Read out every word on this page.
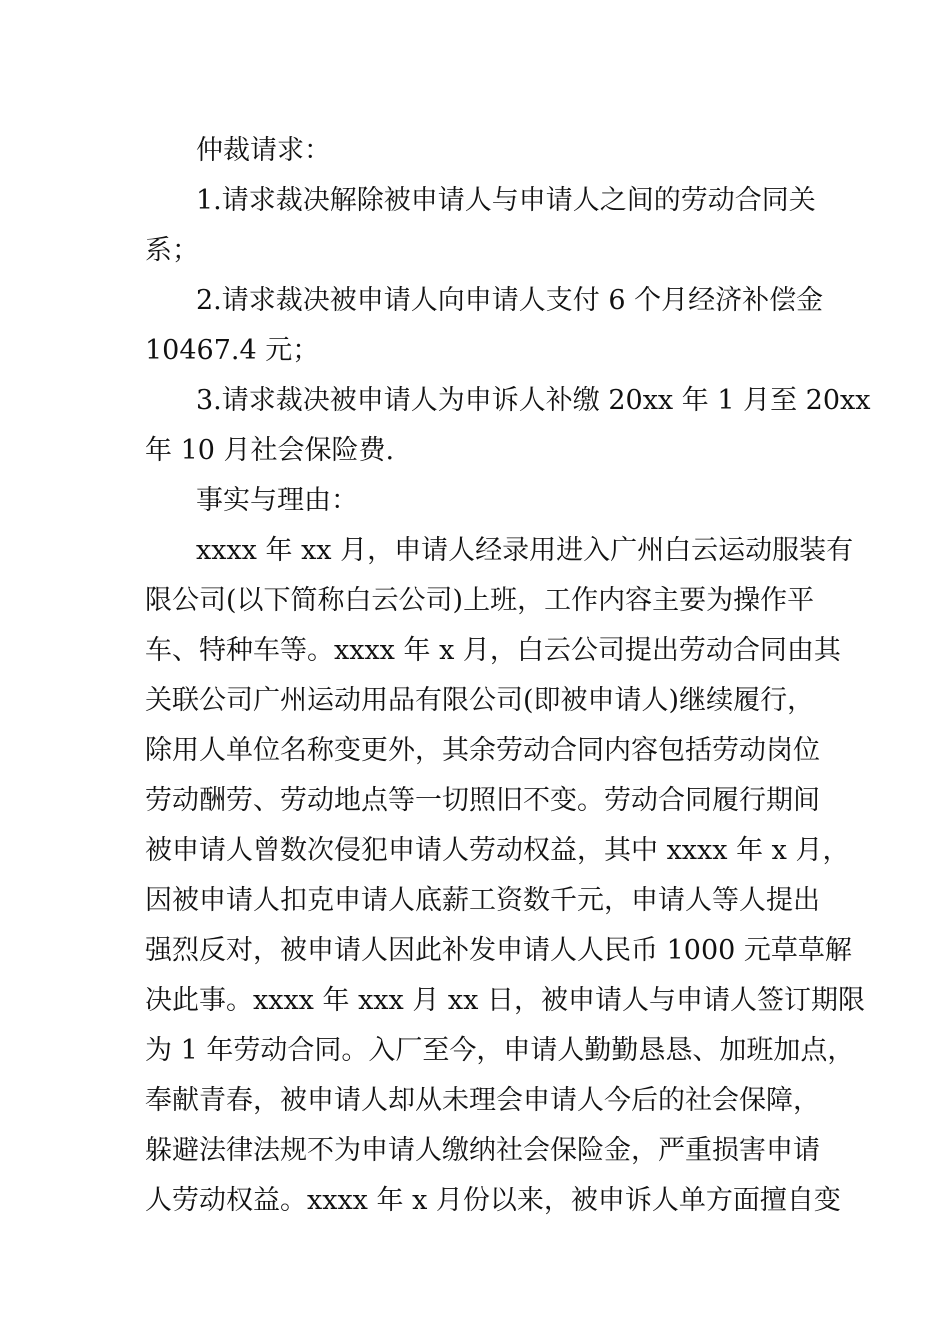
仲裁请求：
1.请求裁决解除被申请人与申请人之间的劳动合同关
系；
2.请求裁决被申请人向申请人支付 6 个月经济补偿金
10467.4 元；
3.请求裁决被申请人为申诉人补缴 20xx 年 1 月至 20xx
年 10 月社会保险费.
事实与理由：
xxxx 年 xx 月，申请人经录用进入广州白云运动服装有
限公司(以下简称白云公司)上班，工作内容主要为操作平
车、特种车等。xxxx 年 x 月，白云公司提出劳动合同由其
关联公司广州运动用品有限公司(即被申请人)继续履行，
除用人单位名称变更外，其余劳动合同内容包括劳动岗位
劳动酬劳、劳动地点等一切照旧不变。劳动合同履行期间
被申请人曾数次侵犯申请人劳动权益，其中 xxxx 年 x 月，
因被申请人扣克申请人底薪工资数千元，申请人等人提出
强烈反对，被申请人因此补发申请人人民币 1000 元草草解
决此事。xxxx 年 xxx 月 xx 日，被申请人与申请人签订期限
为 1 年劳动合同。入厂至今，申请人勤勤恳恳、加班加点，
奉献青春，被申请人却从未理会申请人今后的社会保障，
躲避法律法规不为申请人缴纳社会保险金，严重损害申请
人劳动权益。xxxx 年 x 月份以来，被申诉人单方面擅自变
